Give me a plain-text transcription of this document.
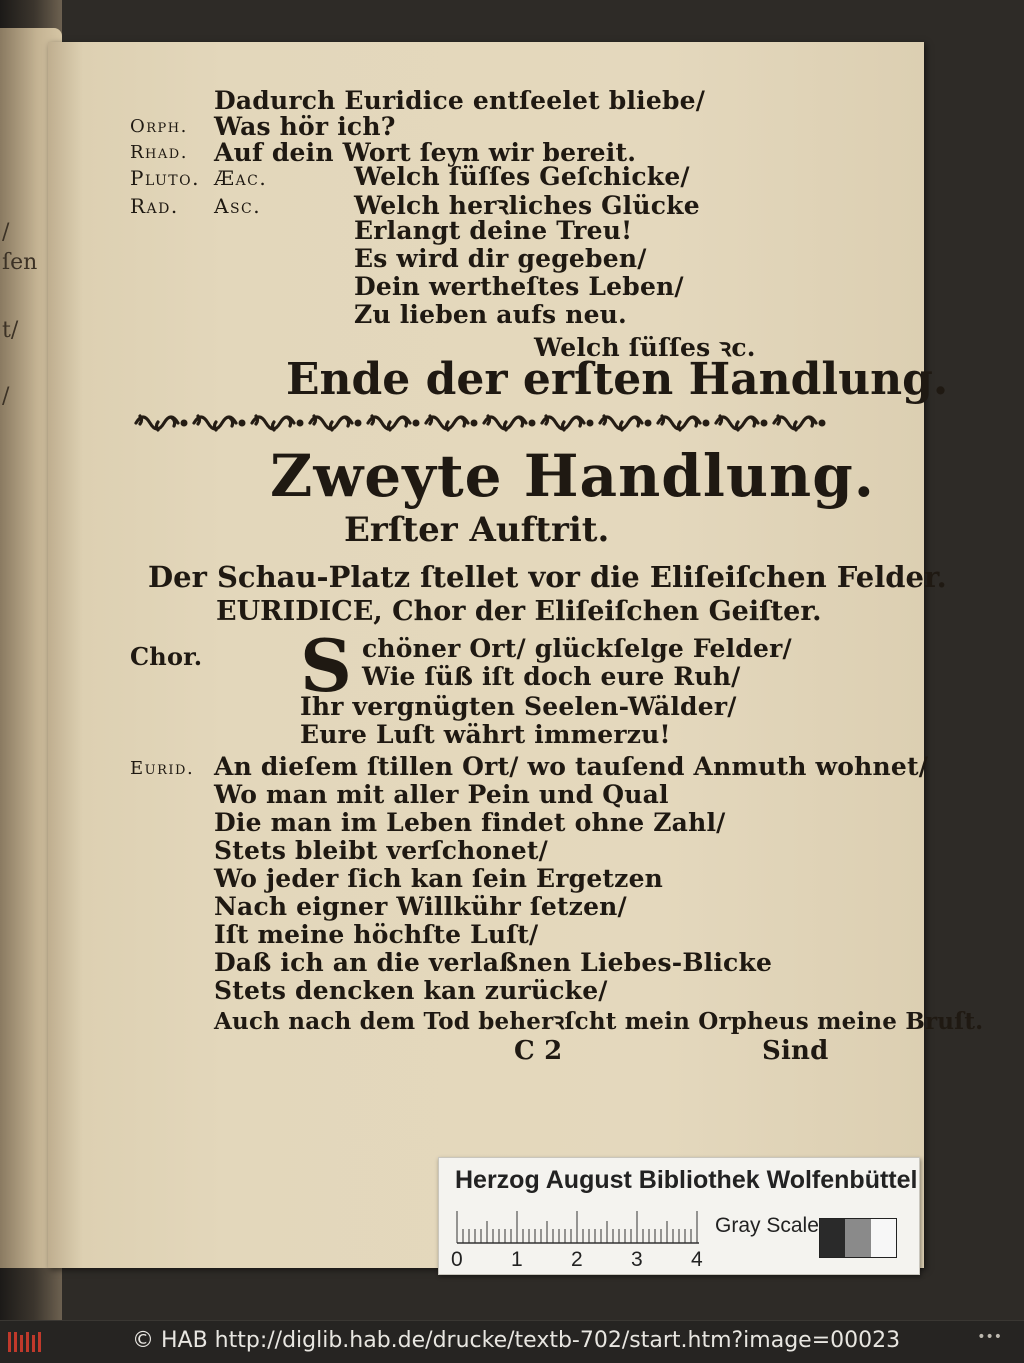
/
ſen
t/
/
Dadurch Euridice entſeelet bliebe/
Orph. Was hör ich?
Rhad. Auf dein Wort ſeyn wir bereit.
Pluto. Æac.	Welch ſüſſes Geſchicke/
Rad. Asc.	Welch herꝛliches Glücke
Erlangt deine Treu!
Es wird dir gegeben/
Dein wertheſtes Leben/
Zu lieben aufs neu.
Welch ſüſſes ꝛc.
Ende der erſten Handlung.
Zweyte Handlung.
Erſter Auftrit.
Der Schau-Platz ſtellet vor die Eliſeiſchen Felder.
EURIDICE, Chor der Eliſeiſchen Geiſter.
Chor. S chöner Ort/ glückſelge Felder/
Wie ſüß iſt doch eure Ruh/
Ihr vergnügten Seelen-Wälder/
Eure Luſt währt immerzu!
Eurid. An dieſem ſtillen Ort/ wo tauſend Anmuth wohnet/
Wo man mit aller Pein und Qual
Die man im Leben findet ohne Zahl/
Stets bleibt verſchonet/
Wo jeder ſich kan ſein Ergetzen
Nach eigner Willkühr ſetzen/
Iſt meine höchſte Luſt/
Daß ich an die verlaßnen Liebes-Blicke
Stets dencken kan zurücke/
Auch nach dem Tod beherꝛſcht mein Orpheus meine Bruſt.
C 2	Sind
Herzog August Bibliothek Wolfenbüttel
0 1 2 3 4
Gray Scale
© HAB http://diglib.hab.de/drucke/textb-702/start.htm?image=00023	•••
